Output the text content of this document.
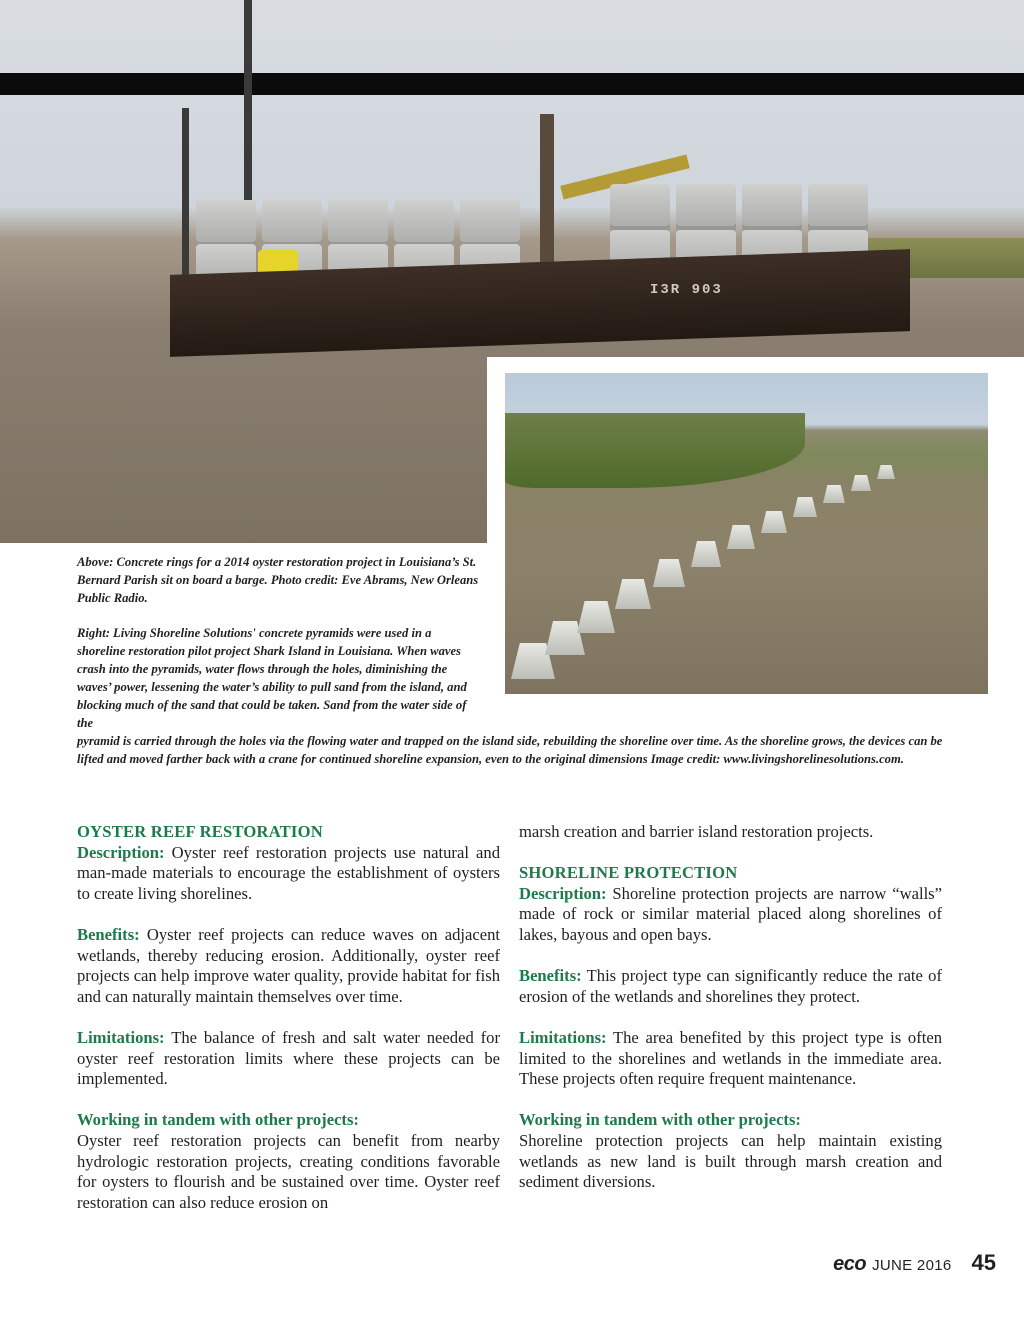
I3R 903

Above: Concrete rings for a 2014 oyster restoration project in Louisiana’s St. Bernard Parish sit on board a barge. Photo credit: Eve Abrams, New Orleans Public Radio.

Right: Living Shoreline Solutions' concrete pyramids were used in a shoreline restoration pilot project Shark Island in Louisiana. When waves crash into the pyramids, water flows through the holes, diminishing the waves’ power, lessening the water’s ability to pull sand from the island, and blocking much of the sand that could be taken. Sand from the water side of the

pyramid is carried through the holes via the flowing water and trapped on the island side, rebuilding the shoreline over time. As the shoreline grows, the devices can be lifted and moved farther back with a crane for continued shoreline expansion, even to the original dimensions Image credit: www.livingshorelinesolutions.com.

OYSTER REEF RESTORATION

Description: Oyster reef restoration projects use natural and man-made materials to encourage the establishment of oysters to create living shorelines.

Benefits: Oyster reef projects can reduce waves on adjacent wetlands, thereby reducing erosion. Additionally, oyster reef projects can help improve water quality, provide habitat for fish and can naturally maintain themselves over time.

Limitations: The balance of fresh and salt water needed for oyster reef restoration limits where these projects can be implemented.

Working in tandem with other projects:

Oyster reef restoration projects can benefit from nearby hydrologic restoration projects, creating conditions favorable for oysters to flourish and be sustained over time. Oyster reef restoration can also reduce erosion on

marsh creation and barrier island restoration projects.

SHORELINE PROTECTION

Description: Shoreline protection projects are narrow “walls” made of rock or similar material placed along shorelines of lakes, bayous and open bays.

Benefits: This project type can significantly reduce the rate of erosion of the wetlands and shorelines they protect.

Limitations: The area benefited by this project type is often limited to the shorelines and wetlands in the immediate area. These projects often require frequent maintenance.

Working in tandem with other projects:

Shoreline protection projects can help maintain existing wetlands as new land is built through marsh creation and sediment diversions.

eco JUNE 2016 45
